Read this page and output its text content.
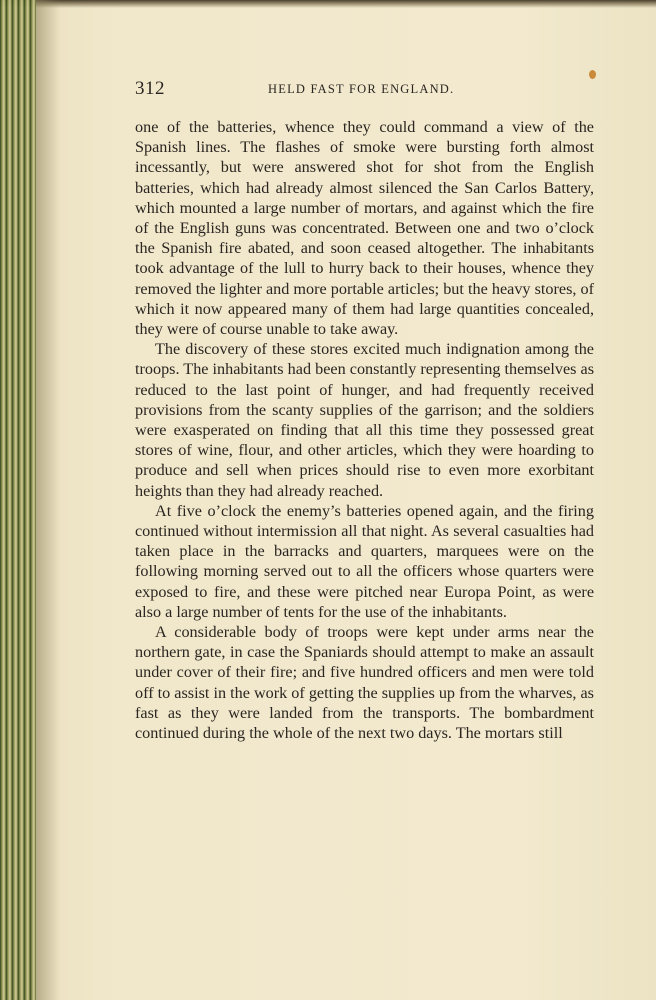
312	HELD FAST FOR ENGLAND.

one of the batteries, whence they could command a view of the Spanish lines. The flashes of smoke were bursting forth almost incessantly, but were answered shot for shot from the English batteries, which had already almost silenced the San Carlos Battery, which mounted a large number of mortars, and against which the fire of the English guns was concentrated. Between one and two o’clock the Spanish fire abated, and soon ceased altogether. The inhabitants took advantage of the lull to hurry back to their houses, whence they removed the lighter and more portable articles; but the heavy stores, of which it now appeared many of them had large quantities concealed, they were of course unable to take away.

The discovery of these stores excited much indignation among the troops. The inhabitants had been constantly representing themselves as reduced to the last point of hunger, and had frequently received provisions from the scanty supplies of the garrison; and the soldiers were exasperated on finding that all this time they possessed great stores of wine, flour, and other articles, which they were hoarding to produce and sell when prices should rise to even more exorbitant heights than they had already reached.

At five o’clock the enemy’s batteries opened again, and the firing continued without intermission all that night. As several casualties had taken place in the barracks and quarters, marquees were on the following morning served out to all the officers whose quarters were exposed to fire, and these were pitched near Europa Point, as were also a large number of tents for the use of the inhabitants.

A considerable body of troops were kept under arms near the northern gate, in case the Spaniards should attempt to make an assault under cover of their fire; and five hundred officers and men were told off to assist in the work of getting the supplies up from the wharves, as fast as they were landed from the transports. The bombardment continued during the whole of the next two days. The mortars still
